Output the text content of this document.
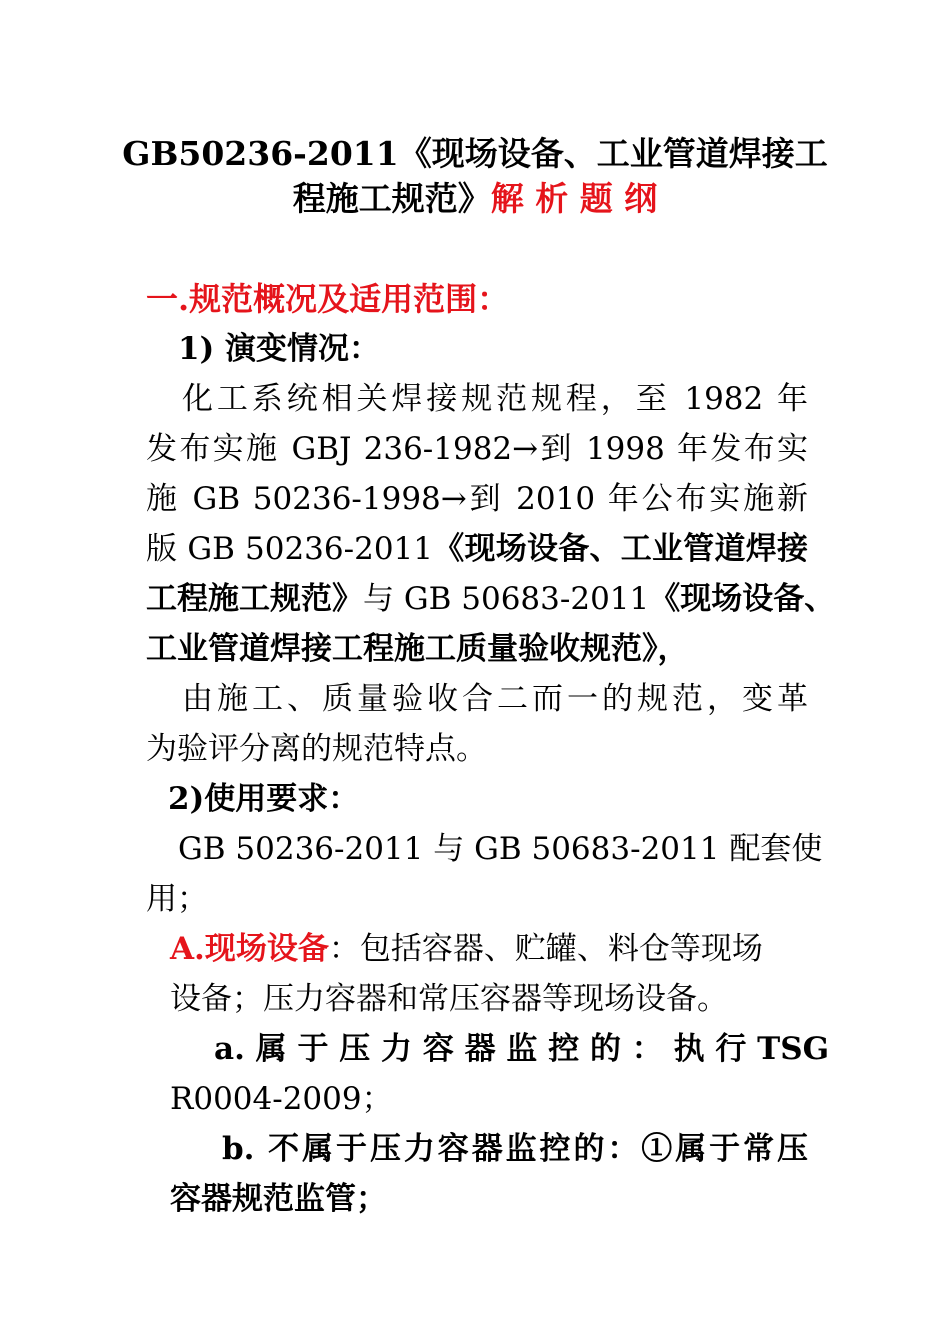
GB50236-2011《现场设备、工业管道焊接工
程施工规范》解 析 题 纲
一.规范概况及适用范围：
1) 演变情况：
化工系统相关焊接规范规程，至 1982 年
发布实施 GBJ 236-1982→到 1998 年发布实
施 GB 50236-1998→到 2010 年公布实施新
版 GB 50236-2011《现场设备、工业管道焊接
工程施工规范》与 GB 50683-2011《现场设备、
工业管道焊接工程施工质量验收规范》，
由施工、质量验收合二而一的规范，变革
为验评分离的规范特点。
2)使用要求：
GB 50236-2011 与 GB 50683-2011 配套使
用；
A.现场设备：包括容器、贮罐、料仓等现场
设备；压力容器和常压容器等现场设备。
a. 属 于 压 力 容 器 监 控 的 ： 执 行 TSG
R0004-2009；
b. 不属于压力容器监控的：①属于常压
容器规范监管；
